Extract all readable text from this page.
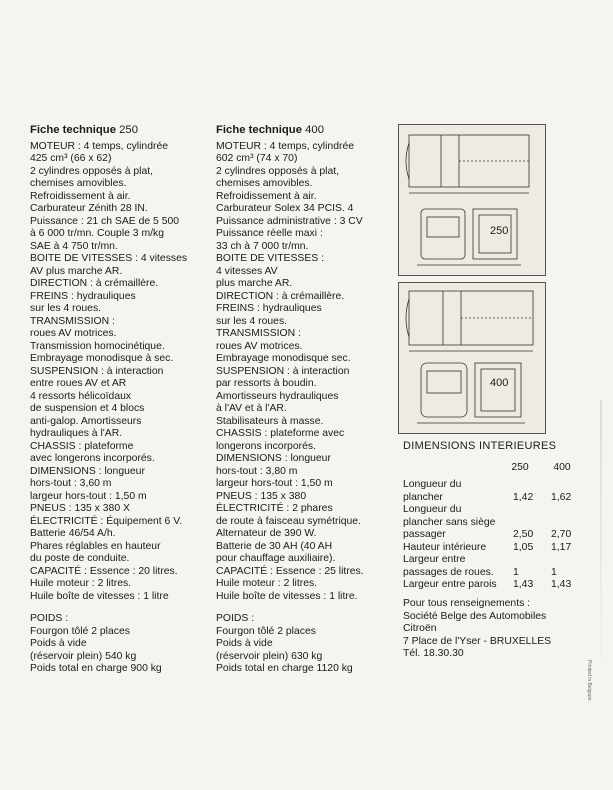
Fiche technique 250
MOTEUR : 4 temps, cylindrée
425 cm³ (66 x 62)
2 cylindres opposés à plat,
chemises amovibles.
Refroidissement à air.
Carburateur Zénith 28 IN.
Puissance : 21 ch SAE de 5 500
à 6 000 tr/mn. Couple 3 m/kg
SAE à 4 750 tr/mn.
BOITE DE VITESSES : 4 vitesses
AV plus marche AR.
DIRECTION : à crémaillère.
FREINS : hydrauliques
sur les 4 roues.
TRANSMISSION :
roues AV motrices.
Transmission homocinétique.
Embrayage monodisque à sec.
SUSPENSION : à interaction
entre roues AV et AR
4 ressorts hélicoïdaux
de suspension et 4 blocs
anti-galop. Amortisseurs
hydrauliques à l'AR.
CHASSIS : plateforme
avec longerons incorporés.
DIMENSIONS : longueur
hors-tout : 3,60 m
largeur hors-tout : 1,50 m
PNEUS : 135 x 380 X
ÉLECTRICITÉ : Équipement 6 V.
Batterie 46/54 A/h.
Phares réglables en hauteur
du poste de conduite.
CAPACITÉ : Essence : 20 litres.
Huile moteur : 2 litres.
Huile boîte de vitesses : 1 litre
POIDS :
Fourgon tôlé 2 places
Poids à vide
(réservoir plein) 540 kg
Poids total en charge 900 kg
Fiche technique 400
MOTEUR : 4 temps, cylindrée
602 cm³ (74 x 70)
2 cylindres opposés à plat,
chemises amovibles.
Refroidissement à air.
Carburateur Solex 34 PCIS. 4
Puissance administrative : 3 CV
Puissance réelle maxi :
33 ch à 7 000 tr/mn.
BOITE DE VITESSES :
4 vitesses AV
plus marche AR.
DIRECTION : à crémaillère.
FREINS : hydrauliques
sur les 4 roues.
TRANSMISSION :
roues AV motrices.
Embrayage monodisque sec.
SUSPENSION : à interaction
par ressorts à boudin.
Amortisseurs hydrauliques
à l'AV et à l'AR.
Stabilisateurs à masse.
CHASSIS : plateforme avec
longerons incorporés.
DIMENSIONS : longueur
hors-tout : 3,80 m
largeur hors-tout : 1,50 m
PNEUS : 135 x 380
ÉLECTRICITÉ : 2 phares
de route à faisceau symétrique.
Alternateur de 390 W.
Batterie de 30 AH (40 AH
pour chauffage auxiliaire).
CAPACITÉ : Essence : 25 litres.
Huile moteur : 2 litres.
Huile boîte de vitesses : 1 litre.
POIDS :
Fourgon tôlé 2 places
Poids à vide
(réservoir plein) 630 kg
Poids total en charge 1120 kg
250
400
DIMENSIONS INTERIEURES
250	400
Longueur du
plancher	1,42	1,62
Longueur du
plancher sans siège
passager	2,50	2,70
Hauteur intérieure	1,05	1,17
Largeur entre
passages de roues.	1	1
Largeur entre parois	1,43	1,43
Pour tous renseignements :
Société Belge des Automobiles
Citroën
7 Place de l'Yser - BRUXELLES
Tél. 18.30.30
Printed in Belgium
